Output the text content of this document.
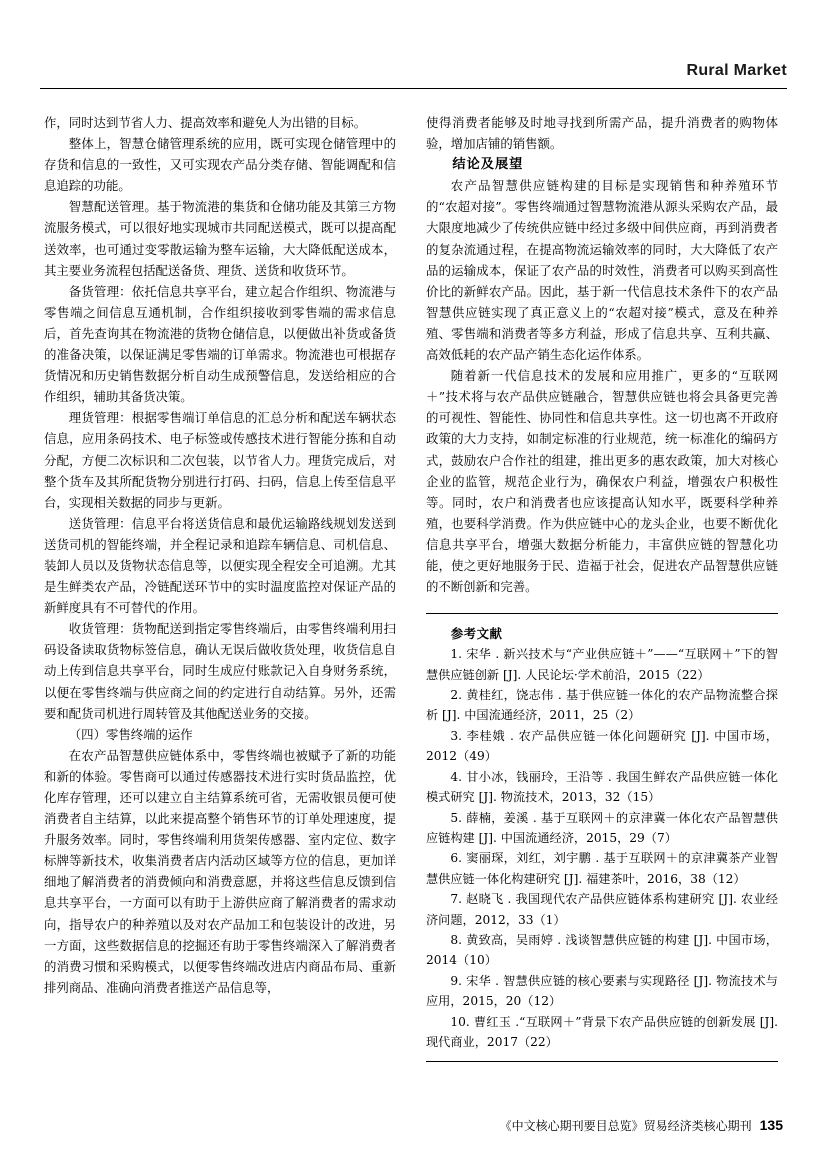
Rural Market

作，同时达到节省人力、提高效率和避免人为出错的目标。

整体上，智慧仓储管理系统的应用，既可实现仓储管理中的存货和信息的一致性，又可实现农产品分类存储、智能调配和信息追踪的功能。

智慧配送管理。基于物流港的集货和仓储功能及其第三方物流服务模式，可以很好地实现城市共同配送模式，既可以提高配送效率，也可通过变零散运输为整车运输，大大降低配送成本，其主要业务流程包括配送备货、理货、送货和收货环节。

备货管理：依托信息共享平台，建立起合作组织、物流港与零售端之间信息互通机制，合作组织接收到零售端的需求信息后，首先查询其在物流港的货物仓储信息，以便做出补货或备货的准备决策，以保证满足零售端的订单需求。物流港也可根据存货情况和历史销售数据分析自动生成预警信息，发送给相应的合作组织，辅助其备货决策。

理货管理：根据零售端订单信息的汇总分析和配送车辆状态信息，应用条码技术、电子标签或传感技术进行智能分拣和自动分配，方便二次标识和二次包装，以节省人力。理货完成后，对整个货车及其所配货物分别进行打码、扫码，信息上传至信息平台，实现相关数据的同步与更新。

送货管理：信息平台将送货信息和最优运输路线规划发送到送货司机的智能终端，并全程记录和追踪车辆信息、司机信息、装卸人员以及货物状态信息等，以便实现全程安全可追溯。尤其是生鲜类农产品，冷链配送环节中的实时温度监控对保证产品的新鲜度具有不可替代的作用。

收货管理：货物配送到指定零售终端后，由零售终端利用扫码设备读取货物标签信息，确认无误后做收货处理，收货信息自动上传到信息共享平台，同时生成应付账款记入自身财务系统，以便在零售终端与供应商之间的约定进行自动结算。另外，还需要和配货司机进行周转管及其他配送业务的交接。

（四）零售终端的运作

在农产品智慧供应链体系中，零售终端也被赋予了新的功能和新的体验。零售商可以通过传感器技术进行实时货品监控，优化库存管理，还可以建立自主结算系统可省，无需收银员便可使消费者自主结算，以此来提高整个销售环节的订单处理速度，提升服务效率。同时，零售终端利用货架传感器、室内定位、数字标牌等新技术，收集消费者店内活动区域等方位的信息，更加详细地了解消费者的消费倾向和消费意愿，并将这些信息反馈到信息共享平台，一方面可以有助于上游供应商了解消费者的需求动向，指导农户的种养殖以及对农产品加工和包装设计的改进，另一方面，这些数据信息的挖掘还有助于零售终端深入了解消费者的消费习惯和采购模式，以便零售终端改进店内商品布局、重新排列商品、准确向消费者推送产品信息等，

使得消费者能够及时地寻找到所需产品，提升消费者的购物体验，增加店铺的销售额。

结论及展望

农产品智慧供应链构建的目标是实现销售和种养殖环节的“农超对接”。零售终端通过智慧物流港从源头采购农产品，最大限度地减少了传统供应链中经过多级中间供应商，再到消费者的复杂流通过程，在提高物流运输效率的同时，大大降低了农产品的运输成本，保证了农产品的时效性，消费者可以购买到高性价比的新鲜农产品。因此，基于新一代信息技术条件下的农产品智慧供应链实现了真正意义上的“农超对接”模式，意及在种养殖、零售端和消费者等多方利益，形成了信息共享、互利共赢、高效低耗的农产品产销生态化运作体系。

随着新一代信息技术的发展和应用推广，更多的“互联网＋”技术将与农产品供应链融合，智慧供应链也将会具备更完善的可视性、智能性、协同性和信息共享性。这一切也离不开政府政策的大力支持，如制定标准的行业规范，统一标准化的编码方式，鼓励农户合作社的组建，推出更多的惠农政策，加大对核心企业的监管，规范企业行为，确保农户利益，增强农户积极性等。同时，农户和消费者也应该提高认知水平，既要科学种养殖，也要科学消费。作为供应链中心的龙头企业，也要不断优化信息共享平台，增强大数据分析能力，丰富供应链的智慧化功能，使之更好地服务于民、造福于社会，促进农产品智慧供应链的不断创新和完善。

参考文献

1. 宋华 . 新兴技术与“产业供应链＋”——“互联网＋”下的智慧供应链创新 [J]. 人民论坛·学术前沿，2015（22）

2. 黄桂红，饶志伟 . 基于供应链一体化的农产品物流整合探析 [J]. 中国流通经济，2011，25（2）

3. 李桂娥 . 农产品供应链一体化问题研究 [J]. 中国市场，2012（49）

4. 甘小冰，钱丽玲，王沿等 . 我国生鲜农产品供应链一体化模式研究 [J]. 物流技术，2013，32（15）

5. 薛楠，姜溪 . 基于互联网＋的京津冀一体化农产品智慧供应链构建 [J]. 中国流通经济，2015，29（7）

6. 窦丽琛，刘红，刘宇鹏 . 基于互联网＋的京津冀茶产业智慧供应链一体化构建研究 [J]. 福建茶叶，2016，38（12）

7. 赵晓飞 . 我国现代农产品供应链体系构建研究 [J]. 农业经济问题，2012，33（1）

8. 黄致高，吴雨婷 . 浅谈智慧供应链的构建 [J]. 中国市场，2014（10）

9. 宋华 . 智慧供应链的核心要素与实现路径 [J]. 物流技术与应用，2015，20（12）

10. 曹红玉 .“互联网＋”背景下农产品供应链的创新发展 [J]. 现代商业，2017（22）

《中文核心期刊要目总览》贸易经济类核心期刊 135
